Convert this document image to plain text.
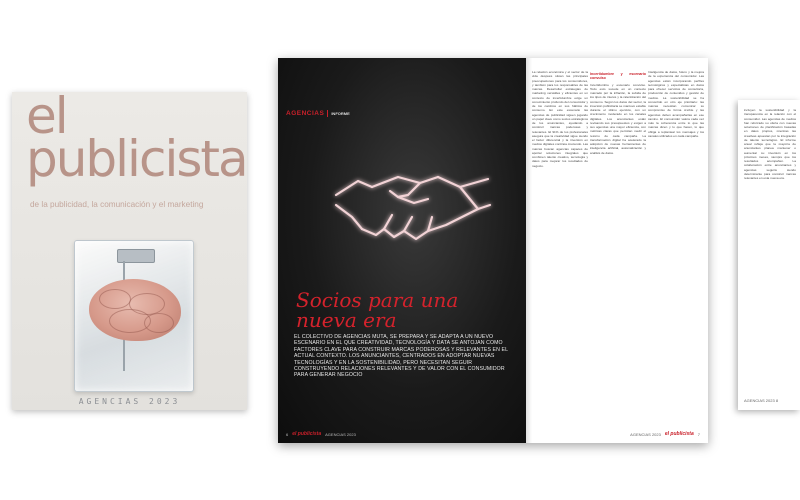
el
publicista
de la publicidad, la comunicación y el marketing
AGENCIAS 2023
AGENCIAS INFORME
Socios para una nueva era
EL COLECTIVO DE AGENCIAS MUTA, SE PREPARA Y SE ADAPTA A UN NUEVO ESCENARIO EN EL QUE CREATIVIDAD, TECNOLOGÍA Y DATA SE ANTOJAN COMO FACTORES CLAVE PARA CONSTRUIR MARCAS PODEROSAS Y RELEVANTES EN EL ACTUAL CONTEXTO. LOS ANUNCIANTES, CENTRADOS EN ADOPTAR NUEVAS TECNOLOGÍAS Y EN LA SOSTENIBILIDAD, PERO NECESITAN SEGUIR CONSTRUYENDO RELACIONES RELEVANTES Y DE VALOR CON EL CONSUMIDOR PARA GENERAR NEGOCIO
6 el publicista AGENCIAS 2023
La relación económica y el sector de la vida después sitúan las principales preocupaciones para los consumidores, y también para los responsables de las marcas. Desarrollar estrategias de marketing versátiles y eficientes en un contexto de incertidumbre exige un conocimiento profundo del consumidor y de los cambios en sus hábitos de consumo. En este escenario las agencias de publicidad siguen jugando un papel clave como socios estratégicos de los anunciantes, ayudando a construir marcas poderosas y relevantes. El 91% de los profesionales asegura que la creatividad sigue siendo el factor diferencial y la inversión en medios digitales continúa creciendo. Las marcas buscan agencias capaces de aportar soluciones integrales que combinen talento creativo, tecnología y datos para mejorar los resultados de negocio.
Incertidumbre y escenario convulso
Incertidumbre y escenario convulso. Todo esto sucede en un contexto marcado por la inflación, la subida de los tipos de interés y la ralentización del consumo. Según los datos del sector, la inversión publicitaria se mantuvo estable durante el último ejercicio, con un crecimiento moderado en los canales digitales. Los anunciantes están revisando sus presupuestos y exigen a sus agencias una mayor eficiencia, con métricas claras que permitan medir el retorno de cada campaña. La transformación digital ha acelerado la adopción de nuevas herramientas de inteligencia artificial, automatización y análisis de datos.
Inteligencia de datos, futuro y la mejora de la experiencia del consumidor. Las agencias están incorporando perfiles tecnológicos y especialistas en datos para ofrecer servicios de consultoría, producción de contenidos y gestión de medios. La sostenibilidad se ha convertido en otro eje prioritario: las marcas necesitan comunicar su compromiso de forma creíble y las agencias deben acompañarlas en ese camino. El consumidor valora cada vez más la coherencia entre lo que las marcas dicen y lo que hacen, lo que obliga a replantear los mensajes y los canales utilizados en cada campaña.
AGENCIAS 2023 el publicista 7
incluyen la sostenibilidad y la transparencia en la relación con el consumidor. Las agencias de medios han reforzado su oferta con nuevas soluciones de planificación basadas en datos propios, mientras las creativas apuestan por la integración de talento tecnológico. El informe anual refleja que la mayoría de anunciantes planea mantener o aumentar su inversión en los próximos meses, siempre que los resultados acompañen. La colaboración entre anunciantes y agencias seguirá siendo determinante para construir marcas relevantes en esta nueva era.
AGENCIAS 2023 8
